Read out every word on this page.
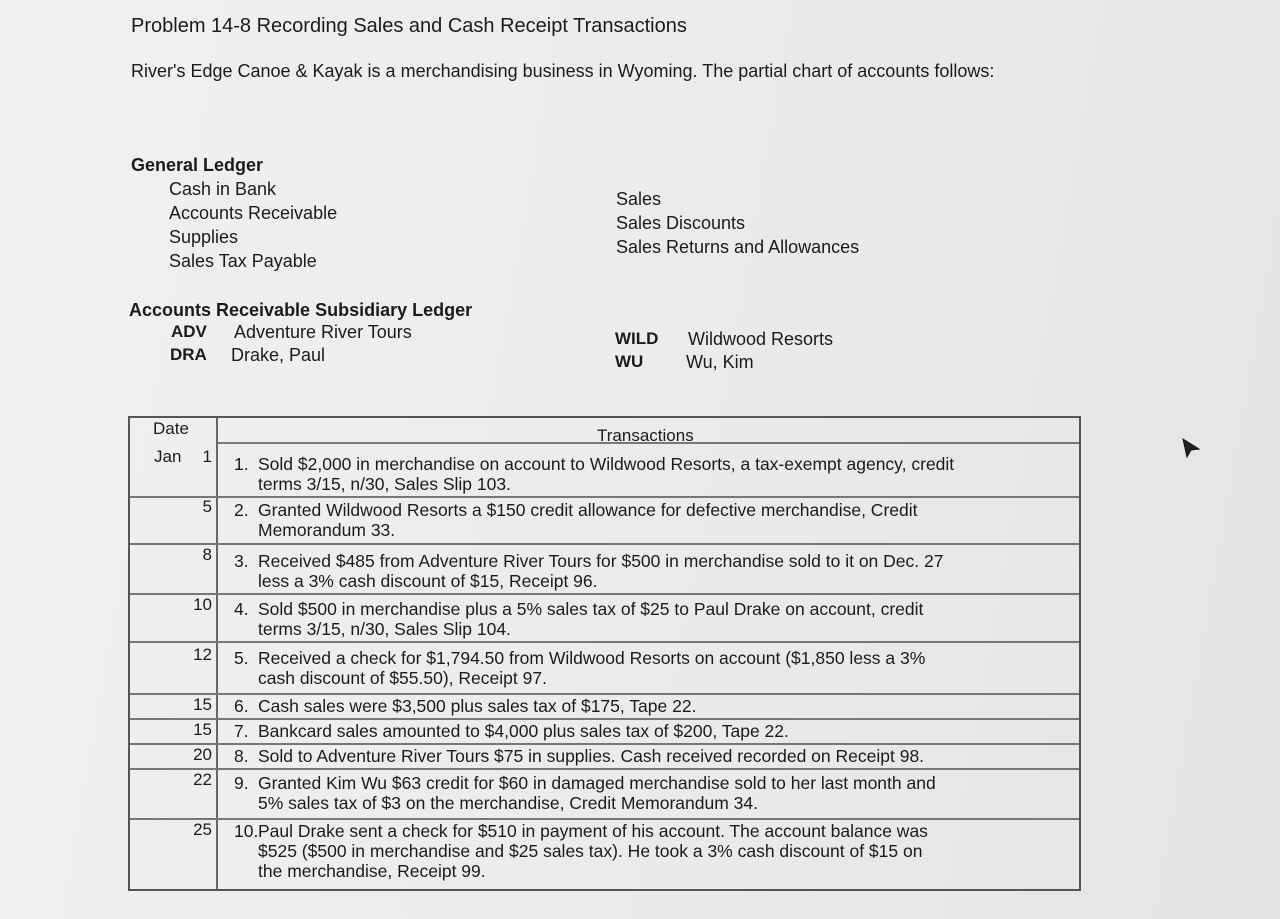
Problem 14-8 Recording Sales and Cash Receipt Transactions
River's Edge Canoe & Kayak is a merchandising business in Wyoming. The partial chart of accounts follows:
General Ledger
Cash in Bank
Accounts Receivable
Supplies
Sales Tax Payable
Sales
Sales Discounts
Sales Returns and Allowances
Accounts Receivable Subsidiary Ledger
ADV Adventure River Tours
DRA Drake, Paul
WILD Wildwood Resorts
WU Wu, Kim
Date	Transactions
Jan 1 1. Sold $2,000 in merchandise on account to Wildwood Resorts, a tax-exempt agency, credit
terms 3/15, n/30, Sales Slip 103.
5 2. Granted Wildwood Resorts a $150 credit allowance for defective merchandise, Credit
Memorandum 33.
8 3. Received $485 from Adventure River Tours for $500 in merchandise sold to it on Dec. 27
less a 3% cash discount of $15, Receipt 96.
10 4. Sold $500 in merchandise plus a 5% sales tax of $25 to Paul Drake on account, credit
terms 3/15, n/30, Sales Slip 104.
12 5. Received a check for $1,794.50 from Wildwood Resorts on account ($1,850 less a 3%
cash discount of $55.50), Receipt 97.
15 6. Cash sales were $3,500 plus sales tax of $175, Tape 22.
15 7. Bankcard sales amounted to $4,000 plus sales tax of $200, Tape 22.
20 8. Sold to Adventure River Tours $75 in supplies. Cash received recorded on Receipt 98.
22 9. Granted Kim Wu $63 credit for $60 in damaged merchandise sold to her last month and
5% sales tax of $3 on the merchandise, Credit Memorandum 34.
25 10.Paul Drake sent a check for $510 in payment of his account. The account balance was
$525 ($500 in merchandise and $25 sales tax). He took a 3% cash discount of $15 on
the merchandise, Receipt 99.
